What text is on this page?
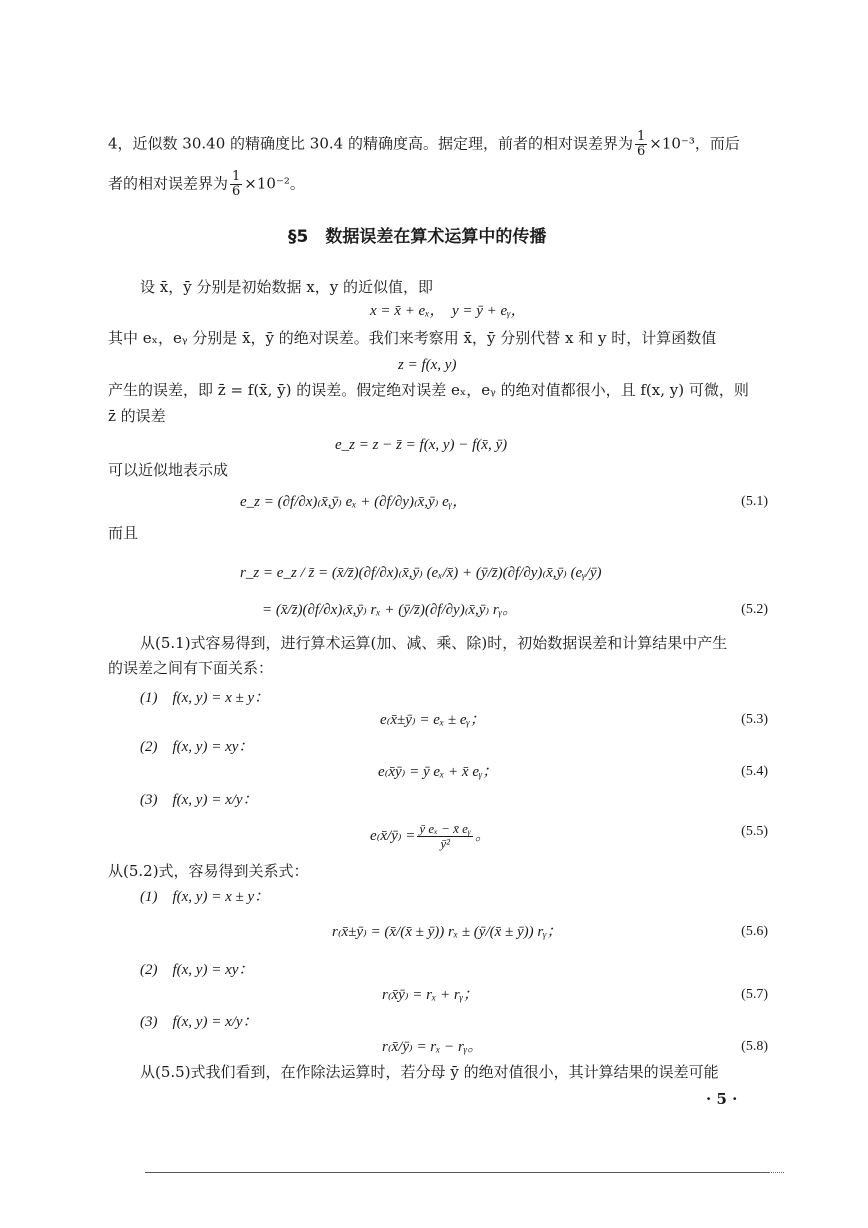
4，近似数 30.40 的精确度比 30.4 的精确度高。据定理，前者的相对误差界为 $\frac{1}{6} \times 10^{-3}$，而后
者的相对误差界为 $\frac{1}{6} \times 10^{-2}$。
§5　数据误差在算术运算中的传播
设 x̄，ȳ 分别是初始数据 x，y 的近似值，即
x = x̄ + eₓ，　y = ȳ + eᵧ，
其中 eₓ，eᵧ 分别是 x̄，ȳ 的绝对误差。我们来考察用 x̄，ȳ 分别代替 x 和 y 时，计算函数值
z = f(x, y)
产生的误差，即 z̄ = f(x̄, ȳ) 的误差。假定绝对误差 eₓ，eᵧ 的绝对值都很小，且 f(x, y) 可微，则
z̄ 的误差
e_z = z − z̄ = f(x, y) − f(x̄, ȳ)
可以近似地表示成
e_z = (∂f/∂x)₍x̄,ȳ₎ eₓ + (∂f/∂y)₍x̄,ȳ₎ eᵧ，	(5.1)
而且
r_z = e_z / z̄ = (x̄/z̄)(∂f/∂x)₍x̄,ȳ₎ (eₓ/x̄) + (ȳ/z̄)(∂f/∂y)₍x̄,ȳ₎ (eᵧ/ȳ)
= (x̄/z̄)(∂f/∂x)₍x̄,ȳ₎ rₓ + (ȳ/z̄)(∂f/∂y)₍x̄,ȳ₎ rᵧ。	(5.2)
从(5.1)式容易得到，进行算术运算(加、减、乘、除)时，初始数据误差和计算结果中产生
的误差之间有下面关系：
(1)　f(x, y) = x ± y：
e₍x̄±ȳ₎ = eₓ ± eᵧ；	(5.3)
(2)　f(x, y) = xy：
e₍x̄ȳ₎ = ȳ eₓ + x̄ eᵧ；	(5.4)
(3)　f(x, y) = x/y：
e₍x̄/ȳ₎ = $\frac{\text{ȳ eₓ − x̄ eᵧ}}{\text{ȳ²}}$ 。	(5.5)
从(5.2)式，容易得到关系式：
(1)　f(x, y) = x ± y：
r₍x̄±ȳ₎ = (x̄/(x̄ ± ȳ)) rₓ ± (ȳ/(x̄ ± ȳ)) rᵧ；	(5.6)
(2)　f(x, y) = xy：
r₍x̄ȳ₎ = rₓ + rᵧ；	(5.7)
(3)　f(x, y) = x/y：
r₍x̄/ȳ₎ = rₓ − rᵧ。	(5.8)
从(5.5)式我们看到，在作除法运算时，若分母 ȳ 的绝对值很小，其计算结果的误差可能
· 5 ·
